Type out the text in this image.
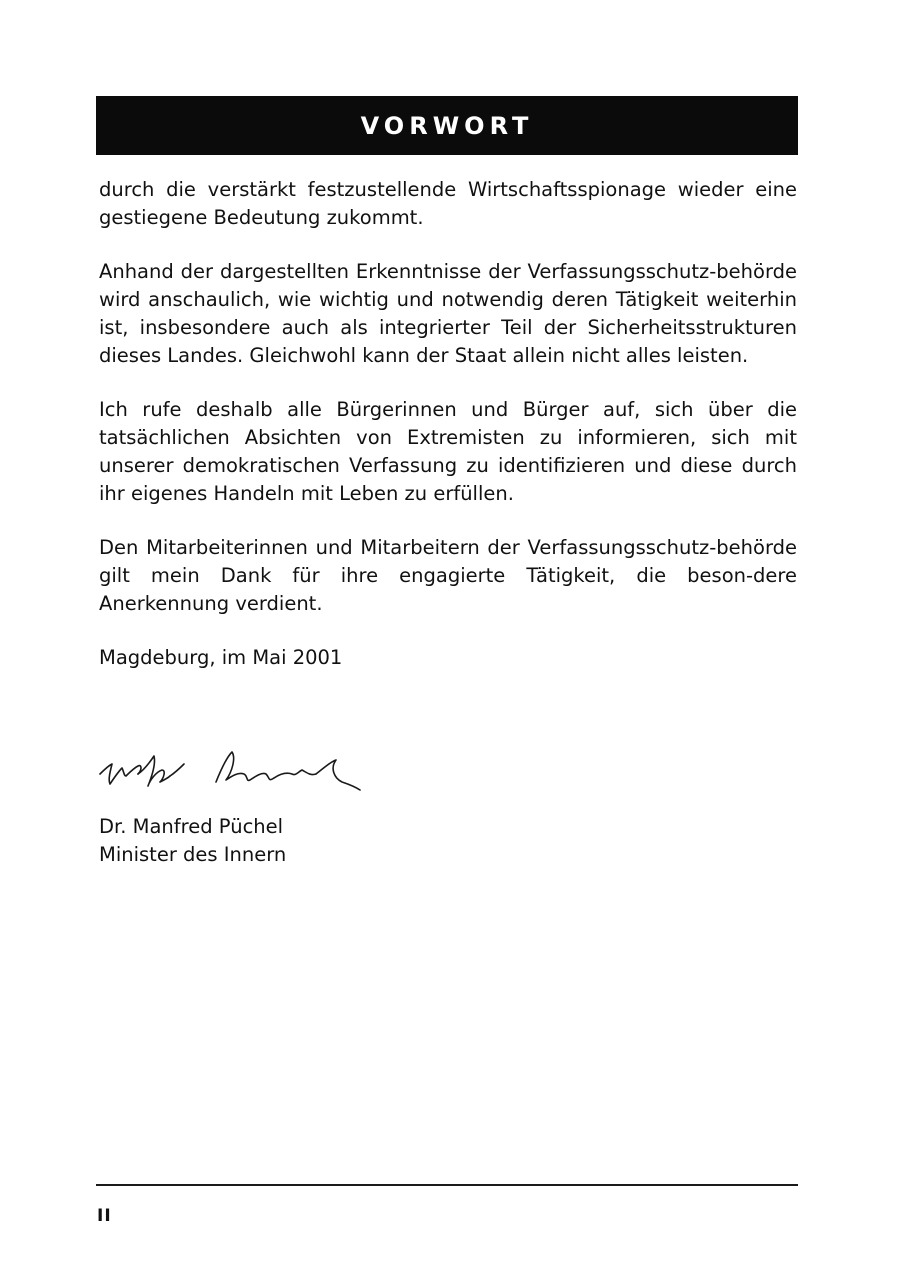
VORWORT

durch die verstärkt festzustellende Wirtschaftsspionage wieder eine gestiegene Bedeutung zukommt.

Anhand der dargestellten Erkenntnisse der Verfassungsschutz-behörde wird anschaulich, wie wichtig und notwendig deren Tätigkeit weiterhin ist, insbesondere auch als integrierter Teil der Sicherheitsstrukturen dieses Landes. Gleichwohl kann der Staat allein nicht alles leisten.

Ich rufe deshalb alle Bürgerinnen und Bürger auf, sich über die tatsächlichen Absichten von Extremisten zu informieren, sich mit unserer demokratischen Verfassung zu identifizieren und diese durch ihr eigenes Handeln mit Leben zu erfüllen.

Den Mitarbeiterinnen und Mitarbeitern der Verfassungsschutz-behörde gilt mein Dank für ihre engagierte Tätigkeit, die beson-dere Anerkennung verdient.

Magdeburg, im Mai 2001

Dr. Manfred Püchel
Minister des Innern
II
